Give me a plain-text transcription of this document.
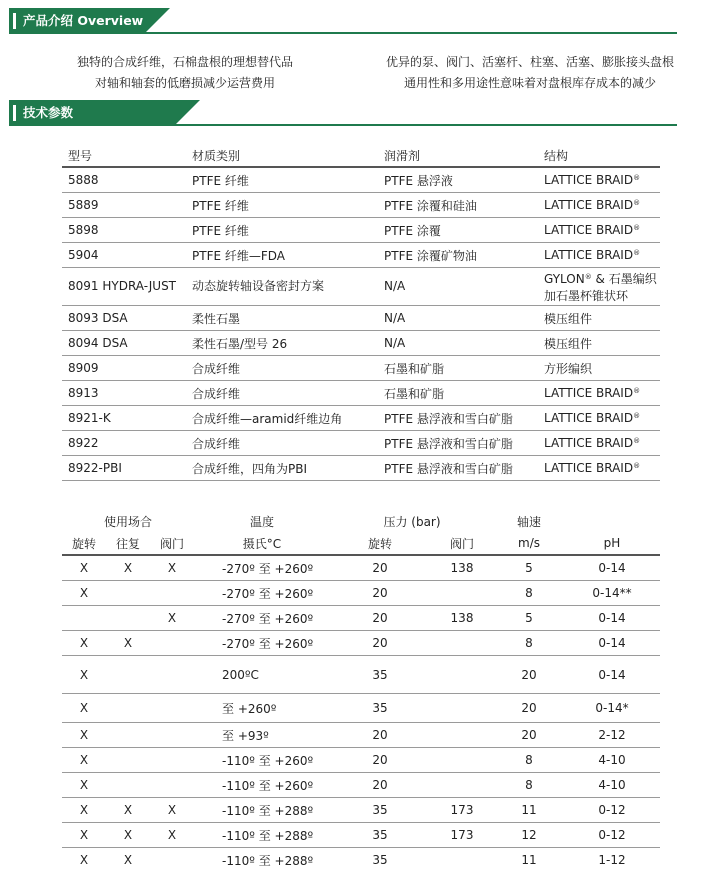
产品介绍 Overview
独特的合成纤维，石棉盘根的理想替代品
对轴和轴套的低磨损减少运营费用
优异的泵、阀门、活塞杆、柱塞、活塞、膨胀接头盘根
通用性和多用途性意味着对盘根库存成本的减少
技术参数 Specifications
型号	材质类别	润滑剂	结构
5888	PTFE 纤维	PTFE 悬浮液	LATTICE BRAID®
5889	PTFE 纤维	PTFE 涂覆和硅油	LATTICE BRAID®
5898	PTFE 纤维	PTFE 涂覆	LATTICE BRAID®
5904	PTFE 纤维—FDA	PTFE 涂覆矿物油	LATTICE BRAID®
8091 HYDRA-JUST	动态旋转轴设备密封方案	N/A	GYLON® & 石墨编织加石墨杯锥状环
8093 DSA	柔性石墨	N/A	模压组件
8094 DSA	柔性石墨/型号 26	N/A	模压组件
8909	合成纤维	石墨和矿脂	方形编织
8913	合成纤维	石墨和矿脂	LATTICE BRAID®
8921-K	合成纤维—aramid纤维边角	PTFE 悬浮液和雪白矿脂	LATTICE BRAID®
8922	合成纤维	PTFE 悬浮液和雪白矿脂	LATTICE BRAID®
8922-PBI	合成纤维，四角为PBI	PTFE 悬浮液和雪白矿脂	LATTICE BRAID®
使用场合			温度	压力 (bar)		轴速	
旋转	往复	阀门	摄氏°C	旋转	阀门	m/s	pH
X	X	X	-270º 至 +260º	20	138	5	0-14
X			-270º 至 +260º	20		8	0-14**
		X	-270º 至 +260º	20	138	5	0-14
X	X		-270º 至 +260º	20		8	0-14
X			200ºC	35		20	0-14
X			至 +260º	35		20	0-14*
X			至 +93º	20		20	2-12
X			-110º 至 +260º	20		8	4-10
X			-110º 至 +260º	20		8	4-10
X	X	X	-110º 至 +288º	35	173	11	0-12
X	X	X	-110º 至 +288º	35	173	12	0-12
X	X		-110º 至 +288º	35		11	1-12
